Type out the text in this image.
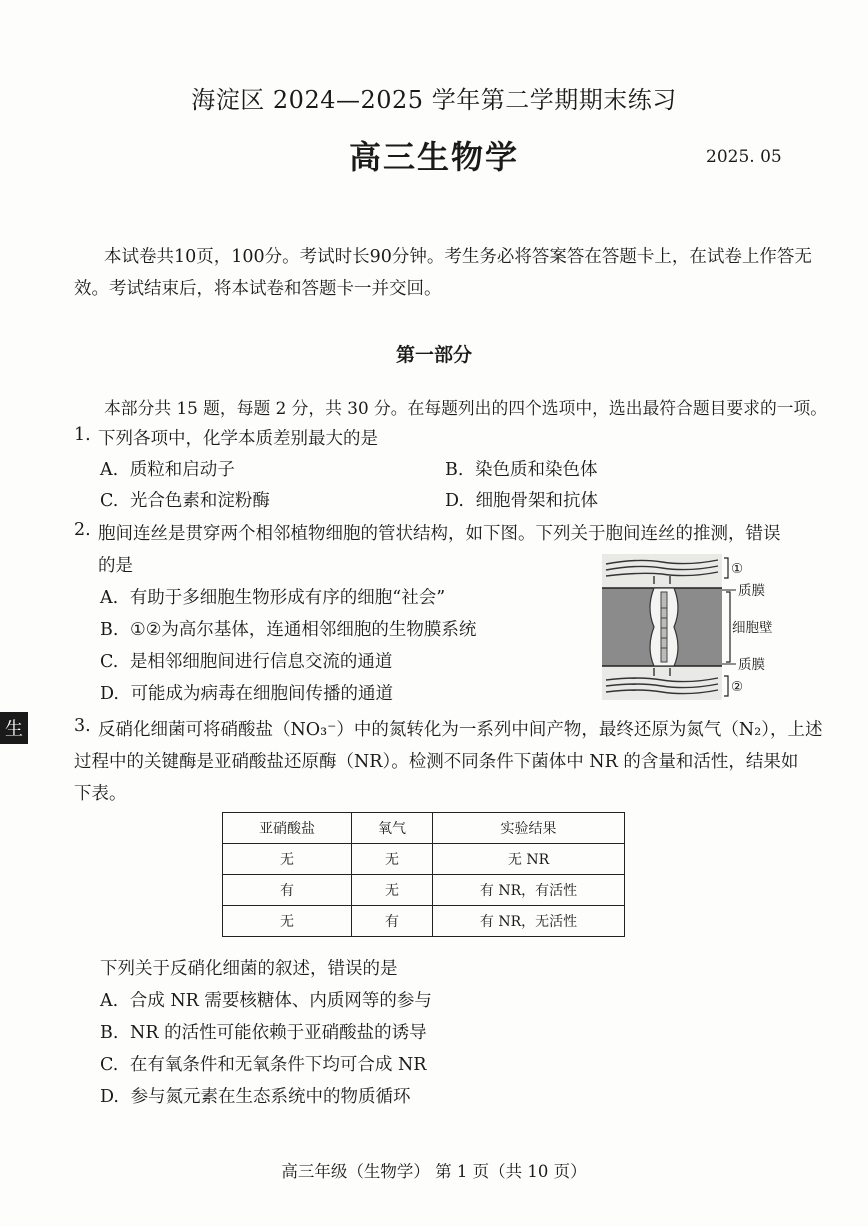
海淀区 2024—2025 学年第二学期期末练习
高三生物学	2025. 05
本试卷共10页，100分。考试时长90分钟。考生务必将答案答在答题卡上，在试卷上作答无
效。考试结束后，将本试卷和答题卡一并交回。
第一部分
本部分共 15 题，每题 2 分，共 30 分。在每题列出的四个选项中，选出最符合题目要求的一项。
1. 下列各项中，化学本质差别最大的是
A. 质粒和启动子	B. 染色质和染色体
C. 光合色素和淀粉酶	D. 细胞骨架和抗体
2. 胞间连丝是贯穿两个相邻植物细胞的管状结构，如下图。下列关于胞间连丝的推测，错误
的是
A. 有助于多细胞生物形成有序的细胞“社会”
B. ①②为高尔基体，连通相邻细胞的生物膜系统
C. 是相邻细胞间进行信息交流的通道
D. 可能成为病毒在细胞间传播的通道
①
质膜
细胞壁
质膜
②
生	3. 反硝化细菌可将硝酸盐（NO₃⁻）中的氮转化为一系列中间产物，最终还原为氮气（N₂），上述
过程中的关键酶是亚硝酸盐还原酶（NR）。检测不同条件下菌体中 NR 的含量和活性，结果如
下表。
亚硝酸盐	氧气	实验结果
无	无	无 NR
有	无	有 NR，有活性
无	有	有 NR，无活性
下列关于反硝化细菌的叙述，错误的是
A. 合成 NR 需要核糖体、内质网等的参与
B. NR 的活性可能依赖于亚硝酸盐的诱导
C. 在有氧条件和无氧条件下均可合成 NR
D. 参与氮元素在生态系统中的物质循环
高三年级（生物学） 第 1 页（共 10 页）
